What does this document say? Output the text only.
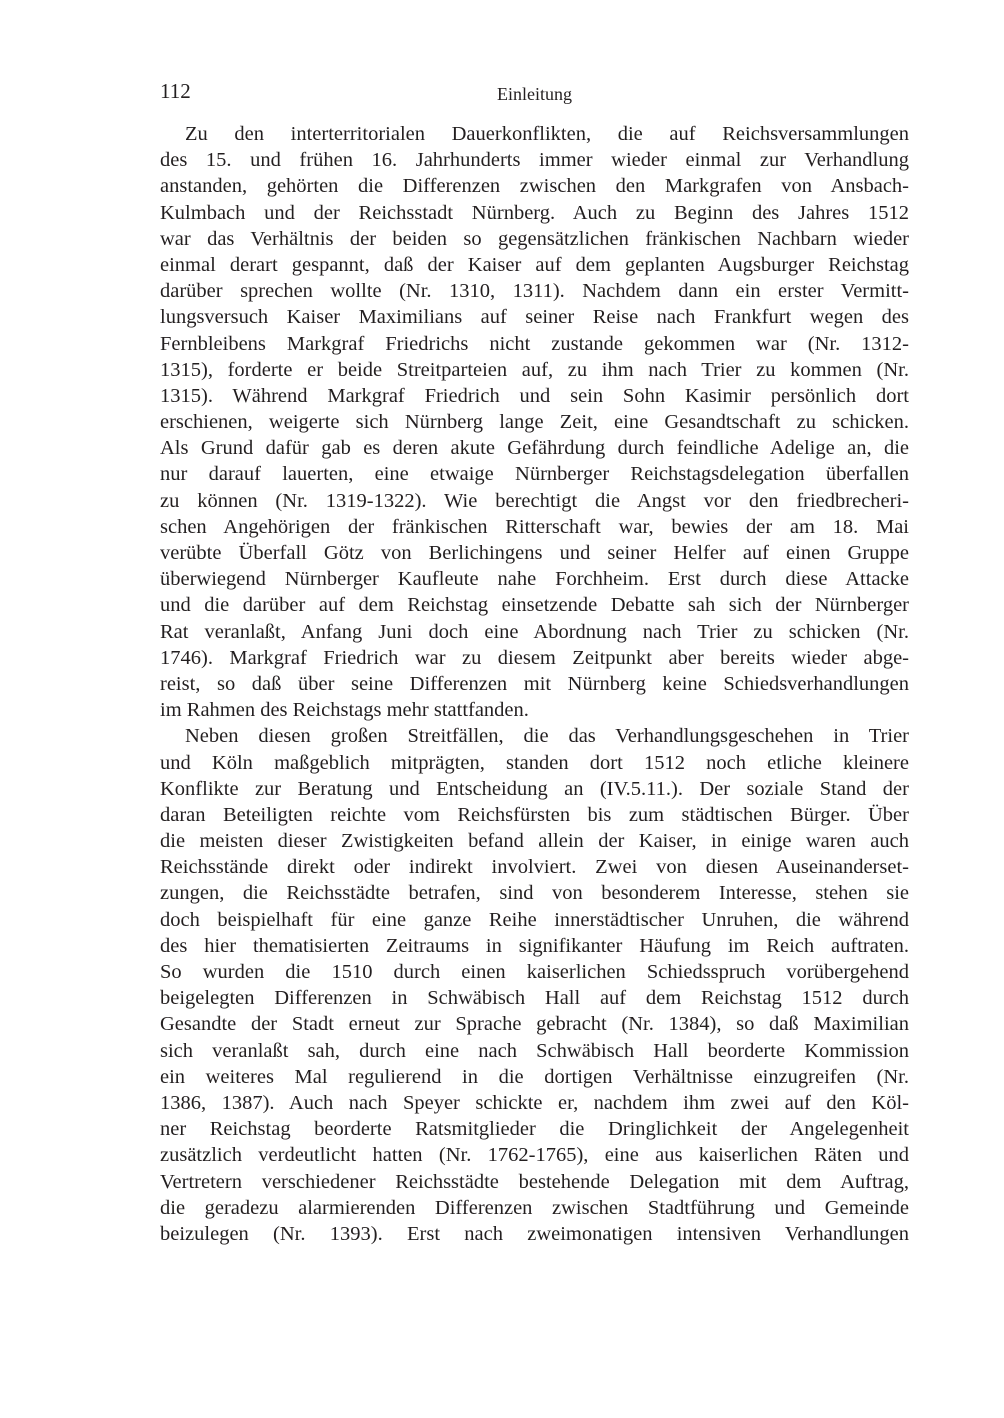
112	Einleitung
Zu den interterritorialen Dauerkonflikten, die auf Reichsversammlungen
des 15. und frühen 16. Jahrhunderts immer wieder einmal zur Verhandlung
anstanden, gehörten die Differenzen zwischen den Markgrafen von Ansbach-
Kulmbach und der Reichsstadt Nürnberg. Auch zu Beginn des Jahres 1512
war das Verhältnis der beiden so gegensätzlichen fränkischen Nachbarn wieder
einmal derart gespannt, daß der Kaiser auf dem geplanten Augsburger Reichstag
darüber sprechen wollte (Nr. 1310, 1311). Nachdem dann ein erster Vermitt-
lungsversuch Kaiser Maximilians auf seiner Reise nach Frankfurt wegen des
Fernbleibens Markgraf Friedrichs nicht zustande gekommen war (Nr. 1312-
1315), forderte er beide Streitparteien auf, zu ihm nach Trier zu kommen (Nr.
1315). Während Markgraf Friedrich und sein Sohn Kasimir persönlich dort
erschienen, weigerte sich Nürnberg lange Zeit, eine Gesandtschaft zu schicken.
Als Grund dafür gab es deren akute Gefährdung durch feindliche Adelige an, die
nur darauf lauerten, eine etwaige Nürnberger Reichstagsdelegation überfallen
zu können (Nr. 1319-1322). Wie berechtigt die Angst vor den friedbrecheri-
schen Angehörigen der fränkischen Ritterschaft war, bewies der am 18. Mai
verübte Überfall Götz von Berlichingens und seiner Helfer auf einen Gruppe
überwiegend Nürnberger Kaufleute nahe Forchheim. Erst durch diese Attacke
und die darüber auf dem Reichstag einsetzende Debatte sah sich der Nürnberger
Rat veranlaßt, Anfang Juni doch eine Abordnung nach Trier zu schicken (Nr.
1746). Markgraf Friedrich war zu diesem Zeitpunkt aber bereits wieder abge-
reist, so daß über seine Differenzen mit Nürnberg keine Schiedsverhandlungen
im Rahmen des Reichstags mehr stattfanden.
Neben diesen großen Streitfällen, die das Verhandlungsgeschehen in Trier
und Köln maßgeblich mitprägten, standen dort 1512 noch etliche kleinere
Konflikte zur Beratung und Entscheidung an (IV.5.11.). Der soziale Stand der
daran Beteiligten reichte vom Reichsfürsten bis zum städtischen Bürger. Über
die meisten dieser Zwistigkeiten befand allein der Kaiser, in einige waren auch
Reichsstände direkt oder indirekt involviert. Zwei von diesen Auseinanderset-
zungen, die Reichsstädte betrafen, sind von besonderem Interesse, stehen sie
doch beispielhaft für eine ganze Reihe innerstädtischer Unruhen, die während
des hier thematisierten Zeitraums in signifikanter Häufung im Reich auftraten.
So wurden die 1510 durch einen kaiserlichen Schiedsspruch vorübergehend
beigelegten Differenzen in Schwäbisch Hall auf dem Reichstag 1512 durch
Gesandte der Stadt erneut zur Sprache gebracht (Nr. 1384), so daß Maximilian
sich veranlaßt sah, durch eine nach Schwäbisch Hall beorderte Kommission
ein weiteres Mal regulierend in die dortigen Verhältnisse einzugreifen (Nr.
1386, 1387). Auch nach Speyer schickte er, nachdem ihm zwei auf den Köl-
ner Reichstag beorderte Ratsmitglieder die Dringlichkeit der Angelegenheit
zusätzlich verdeutlicht hatten (Nr. 1762-1765), eine aus kaiserlichen Räten und
Vertretern verschiedener Reichsstädte bestehende Delegation mit dem Auftrag,
die geradezu alarmierenden Differenzen zwischen Stadtführung und Gemeinde
beizulegen (Nr. 1393). Erst nach zweimonatigen intensiven Verhandlungen
